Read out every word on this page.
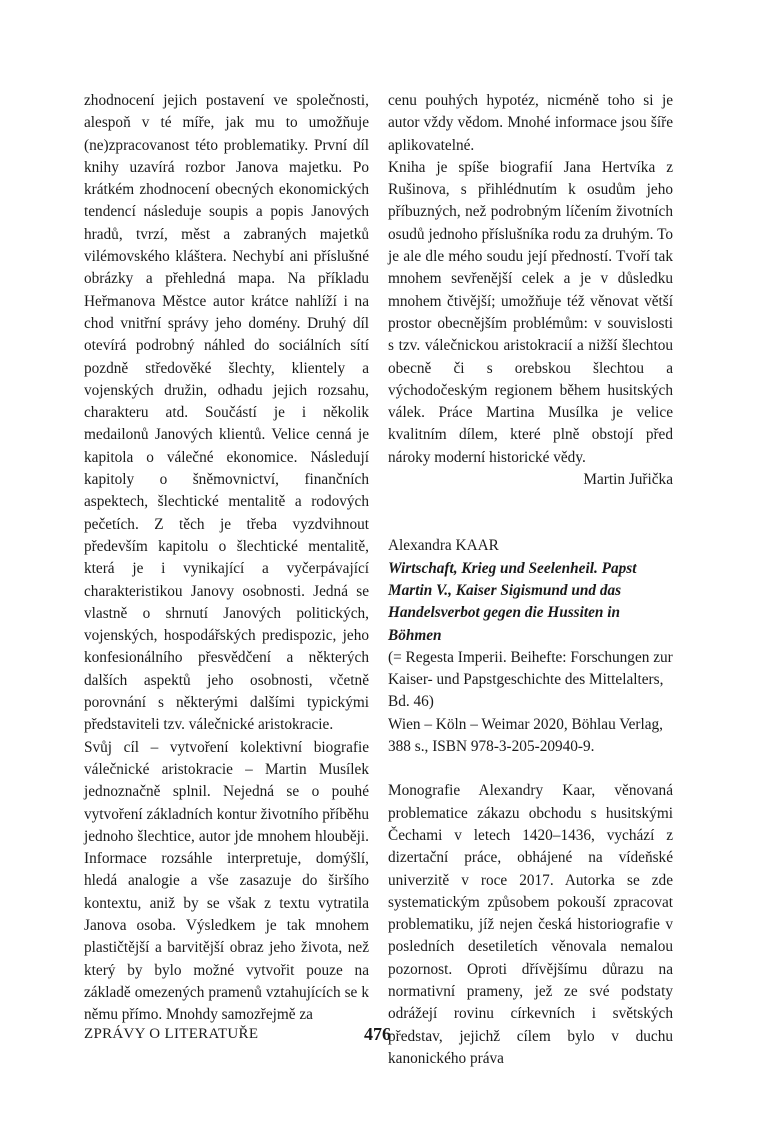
zhodnocení jejich postavení ve společnosti, alespoň v té míře, jak mu to umožňuje (ne)zpracovanost této problematiky. První díl knihy uzavírá rozbor Janova majetku. Po krátkém zhodnocení obecných ekonomických tendencí následuje soupis a popis Janových hradů, tvrzí, měst a zabraných majetků vilémovského kláštera. Nechybí ani příslušné obrázky a přehledná mapa. Na příkladu Heřmanova Městce autor krátce nahlíží i na chod vnitřní správy jeho domény. Druhý díl otevírá podrobný náhled do sociálních sítí pozdně středověké šlechty, klientely a vojenských družin, odhadu jejich rozsahu, charakteru atd. Součástí je i několik medailonů Janových klientů. Velice cenná je kapitola o válečné ekonomice. Následují kapitoly o šněmovnictví, finančních aspektech, šlechtické mentalitě a rodových pečetích. Z těch je třeba vyzdvihnout především kapitolu o šlechtické mentalitě, která je i vynikající a vyčerpávající charakteristikou Janovy osobnosti. Jedná se vlastně o shrnutí Janových politických, vojenských, hospodářských predispozic, jeho konfesionálního přesvědčení a některých dalších aspektů jeho osobnosti, včetně porovnání s některými dalšími typickými představiteli tzv. válečnické aristokracie.

Svůj cíl – vytvoření kolektivní biografie válečnické aristokracie – Martin Musílek jednoznačně splnil. Nejedná se o pouhé vytvoření základních kontur životního příběhu jednoho šlechtice, autor jde mnohem hlouběji. Informace rozsáhle interpretuje, domýšlí, hledá analogie a vše zasazuje do širšího kontextu, aniž by se však z textu vytratila Janova osoba. Výsledkem je tak mnohem plastičtější a barvitější obraz jeho života, než který by bylo možné vytvořit pouze na základě omezených pramenů vztahujících se k němu přímo. Mnohdy samozřejmě za

cenu pouhých hypotéz, nicméně toho si je autor vždy vědom. Mnohé informace jsou šíře aplikovatelné.

Kniha je spíše biografií Jana Hertvíka z Rušinova, s přihlédnutím k osudům jeho příbuzných, než podrobným líčením životních osudů jednoho příslušníka rodu za druhým. To je ale dle mého soudu její předností. Tvoří tak mnohem sevřenější celek a je v důsledku mnohem čtivější; umožňuje též věnovat větší prostor obecnějším problémům: v souvislosti s tzv. válečnickou aristokracií a nižší šlechtou obecně či s orebskou šlechtou a východočeským regionem během husitských válek. Práce Martina Musílka je velice kvalitním dílem, které plně obstojí před nároky moderní historické vědy.

Martin Juřička

Alexandra KAAR

Wirtschaft, Krieg und Seelenheil. Papst Martin V., Kaiser Sigismund und das Handelsverbot gegen die Hussiten in Böhmen

(= Regesta Imperii. Beihefte: Forschungen zur Kaiser- und Papstgeschichte des Mittelalters, Bd. 46)

Wien – Köln – Weimar 2020, Böhlau Verlag, 388 s., ISBN 978-3-205-20940-9.

Monografie Alexandry Kaar, věnovaná problematice zákazu obchodu s husitskými Čechami v letech 1420–1436, vychází z dizertační práce, obhájené na vídeňské univerzitě v roce 2017. Autorka se zde systematickým způsobem pokouší zpracovat problematiku, jíž nejen česká historiografie v posledních desetiletích věnovala nemalou pozornost. Oproti dřívějšímu důrazu na normativní prameny, jež ze své podstaty odrážejí rovinu církevních i světských představ, jejichž cílem bylo v duchu kanonického práva

ZPRÁVY O LITERATUŘE	476
